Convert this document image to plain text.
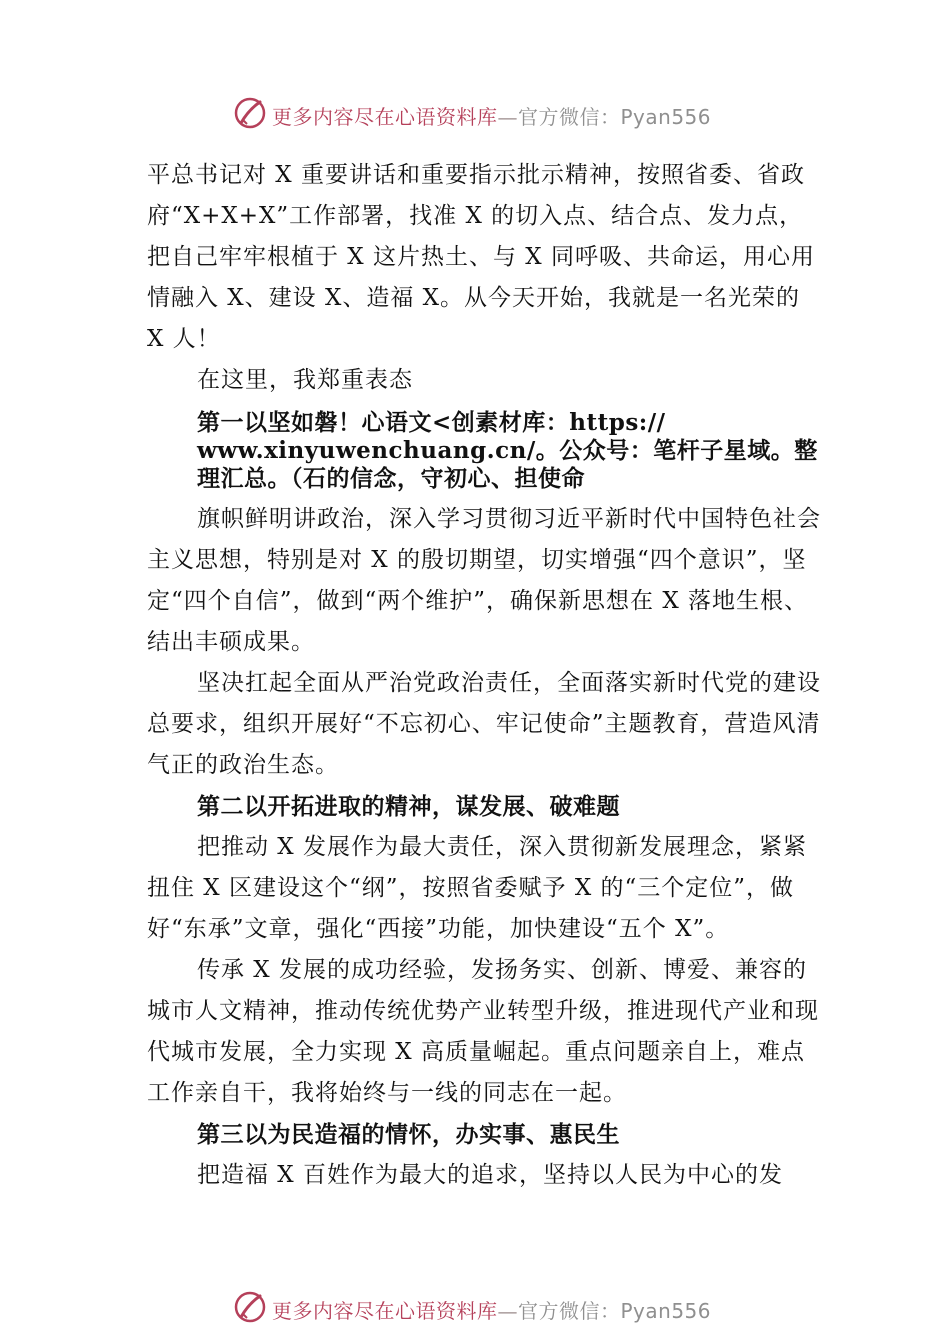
更多内容尽在心语资料库—官方微信：Pyan556

平总书记对 X 重要讲话和重要指示批示精神，按照省委、省政府“X+X+X”工作部署，找准 X 的切入点、结合点、发力点，把自己牢牢根植于 X 这片热土、与 X 同呼吸、共命运，用心用情融入 X、建设 X、造福 X。从今天开始，我就是一名光荣的 X 人！

在这里，我郑重表态

第一以坚如磐！心语文<创素材库：https:// www.xinyuwenchuang.cn/。公众号：笔杆子星域。整理汇总。（石的信念，守初心、担使命

旗帜鲜明讲政治，深入学习贯彻习近平新时代中国特色社会主义思想，特别是对 X 的殷切期望，切实增强“四个意识”，坚定“四个自信”，做到“两个维护”，确保新思想在 X 落地生根、结出丰硕成果。

坚决扛起全面从严治党政治责任，全面落实新时代党的建设总要求，组织开展好“不忘初心、牢记使命”主题教育，营造风清气正的政治生态。

第二以开拓进取的精神，谋发展、破难题

把推动 X 发展作为最大责任，深入贯彻新发展理念，紧紧扭住 X 区建设这个“纲”，按照省委赋予 X 的“三个定位”，做好“东承”文章，强化“西接”功能，加快建设“五个 X”。

传承 X 发展的成功经验，发扬务实、创新、博爱、兼容的城市人文精神，推动传统优势产业转型升级，推进现代产业和现代城市发展，全力实现 X 高质量崛起。重点问题亲自上，难点工作亲自干，我将始终与一线的同志在一起。

第三以为民造福的情怀，办实事、惠民生

把造福 X 百姓作为最大的追求，坚持以人民为中心的发

更多内容尽在心语资料库—官方微信：Pyan556
